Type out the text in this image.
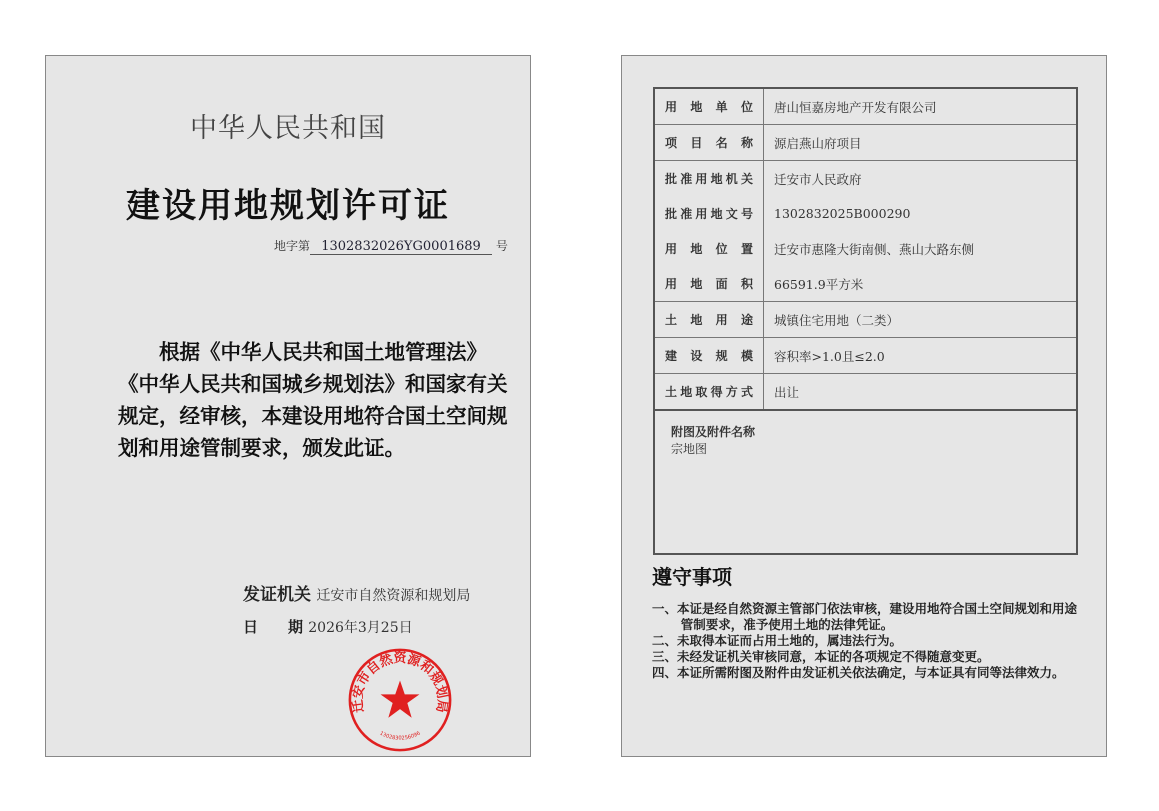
中华人民共和国
建设用地规划许可证
地字第 1302832026YG0001689 号
根据《中华人民共和国土地管理法》《中华人民共和国城乡规划法》和国家有关规定，经审核，本建设用地符合国土空间规划和用途管制要求，颁发此证。
发证机关 迁安市自然资源和规划局
日　　期 2026年3月25日
迁安市自然资源和规划局
1302830256096
用地单位	唐山恒嘉房地产开发有限公司
项目名称	源启燕山府项目
批准用地机关	迁安市人民政府
批准用地文号	1302832025B000290
用地位置	迁安市惠隆大街南侧、燕山大路东侧
用地面积	66591.9平方米
土地用途	城镇住宅用地（二类）
建设规模	容积率>1.0且≤2.0
土地取得方式	出让

附图及附件名称
宗地图	
遵守事项
一、本证是经自然资源主管部门依法审核，建设用地符合国土空间规划和用途管制要求，准予使用土地的法律凭证。
二、未取得本证而占用土地的，属违法行为。
三、未经发证机关审核同意，本证的各项规定不得随意变更。
四、本证所需附图及附件由发证机关依法确定，与本证具有同等法律效力。
